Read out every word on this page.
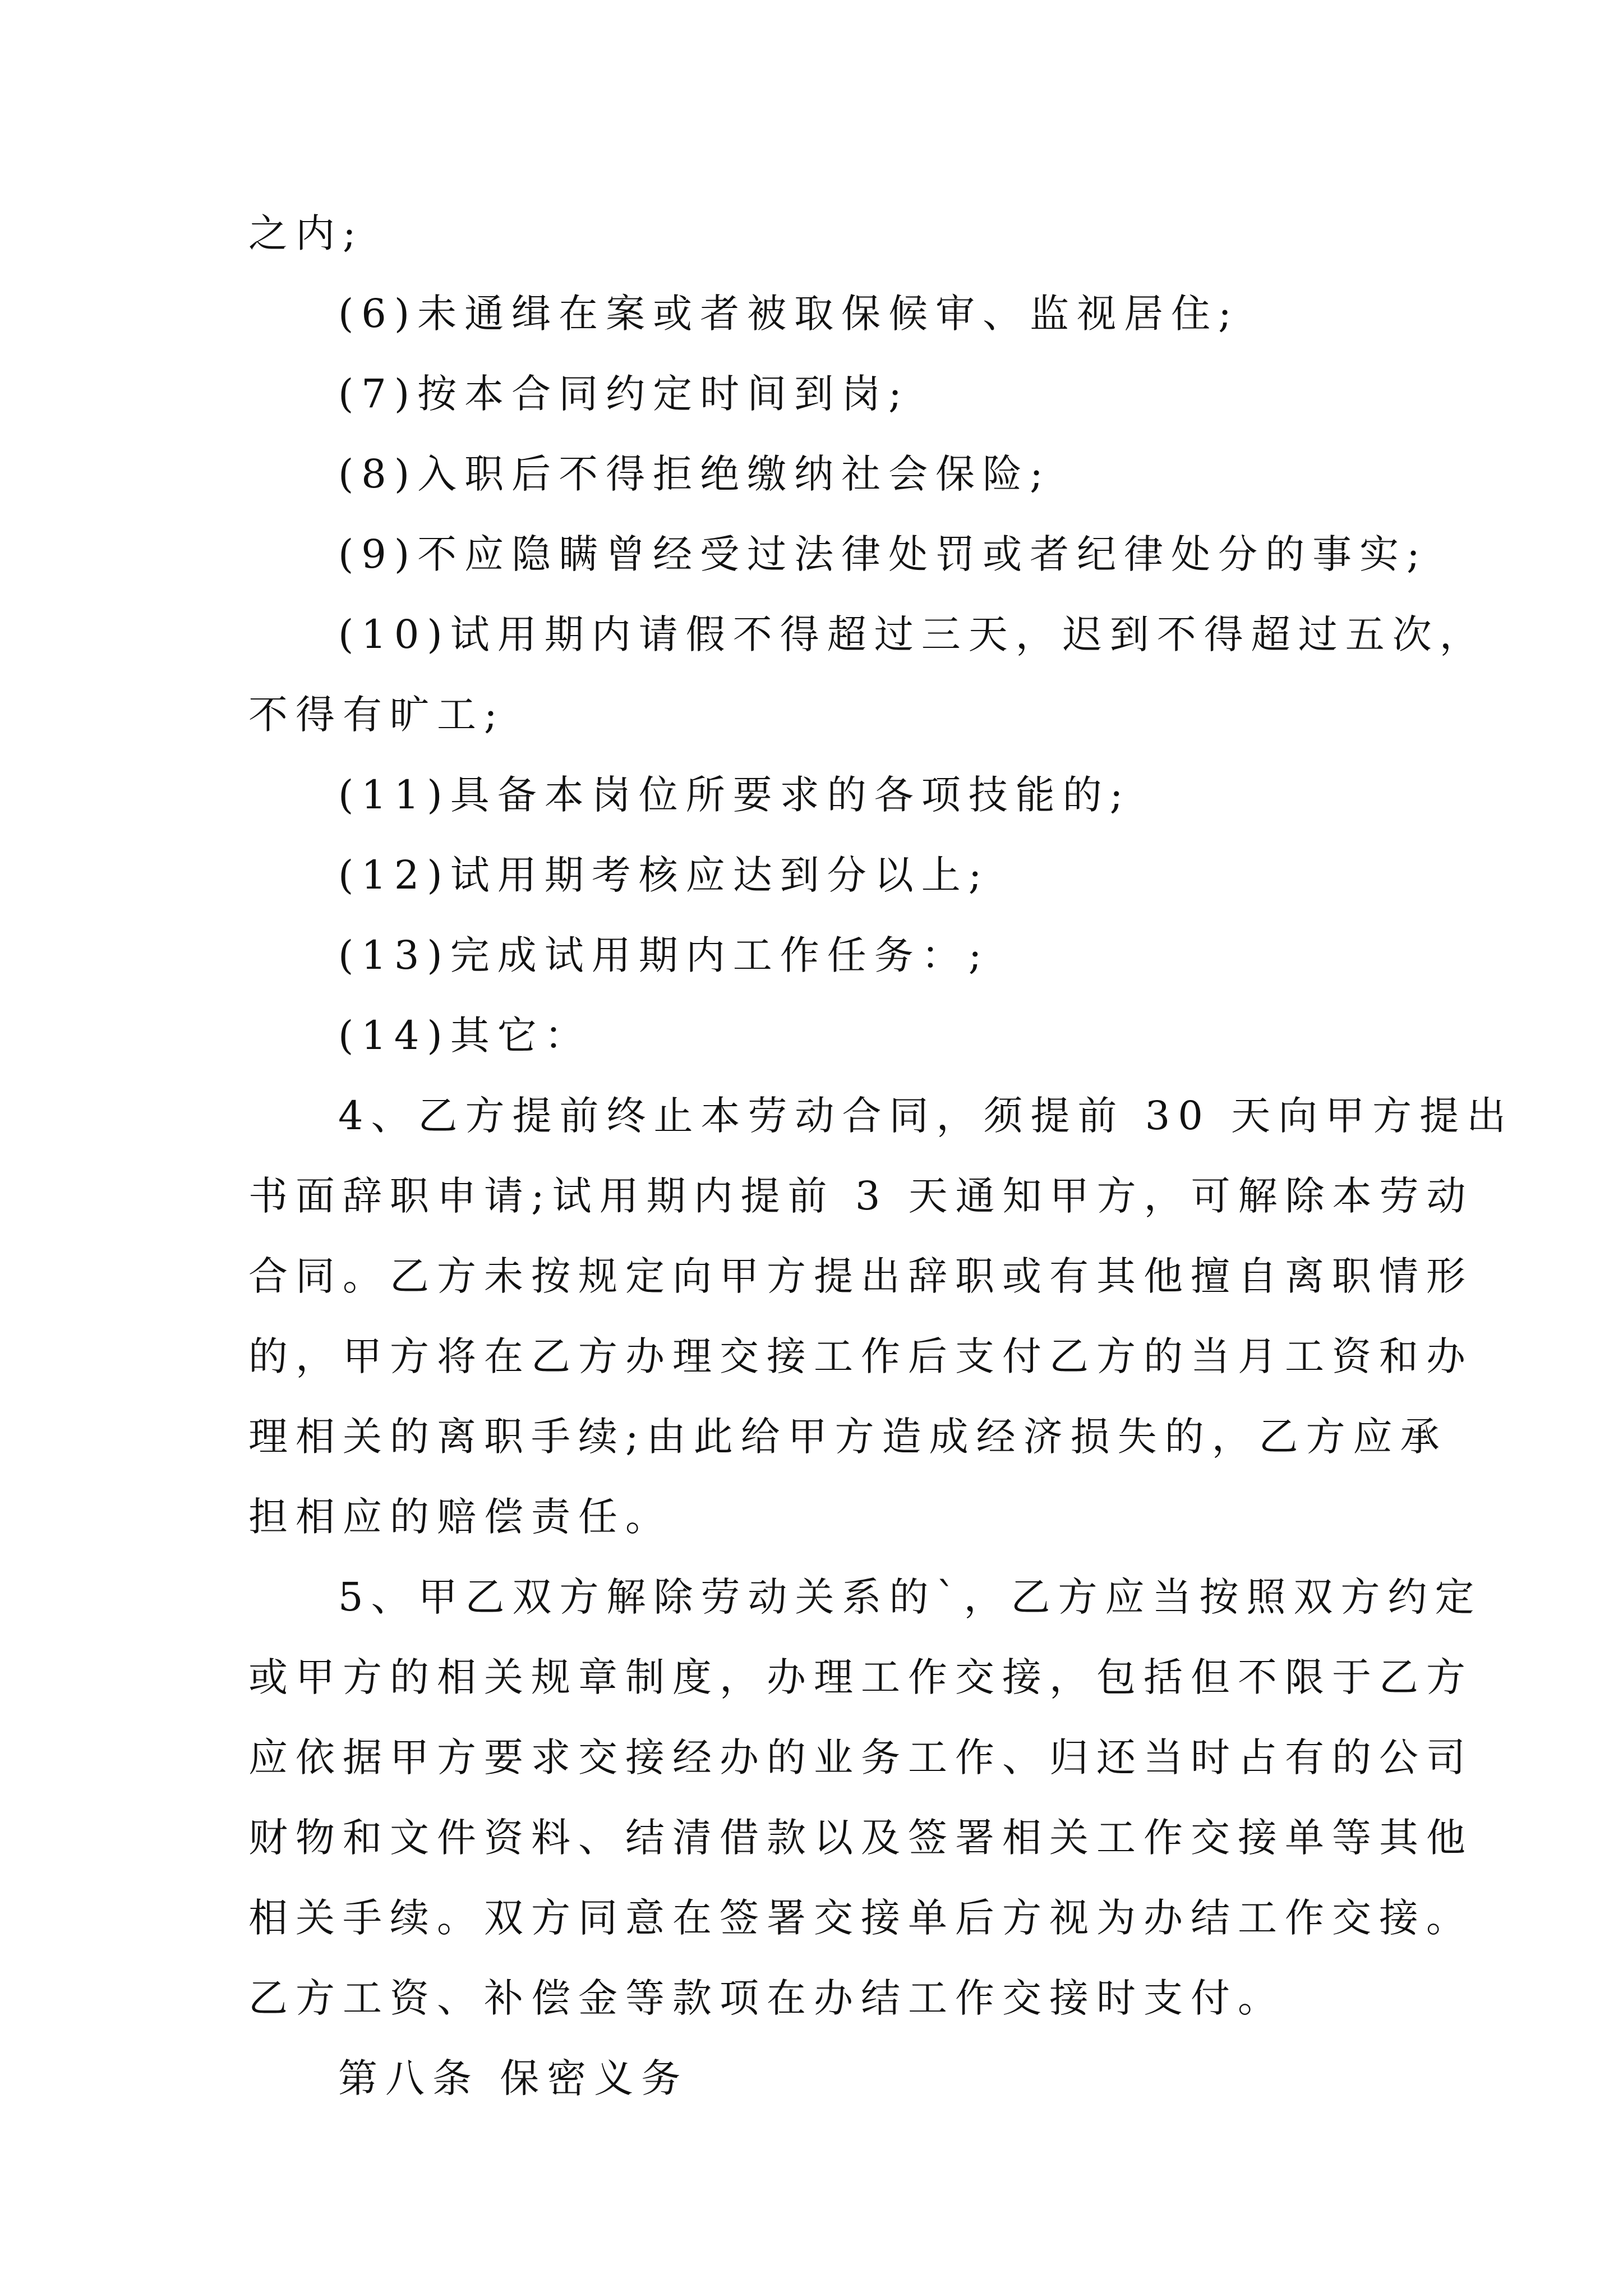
之内;
(6)未通缉在案或者被取保候审、监视居住;
(7)按本合同约定时间到岗;
(8)入职后不得拒绝缴纳社会保险;
(9)不应隐瞒曾经受过法律处罚或者纪律处分的事实;
(10)试用期内请假不得超过三天，迟到不得超过五次，
不得有旷工;
(11)具备本岗位所要求的各项技能的;
(12)试用期考核应达到分以上;
(13)完成试用期内工作任务：;
(14)其它：
4、乙方提前终止本劳动合同，须提前 30 天向甲方提出
书面辞职申请;试用期内提前 3 天通知甲方，可解除本劳动
合同。乙方未按规定向甲方提出辞职或有其他擅自离职情形
的，甲方将在乙方办理交接工作后支付乙方的当月工资和办
理相关的离职手续;由此给甲方造成经济损失的，乙方应承
担相应的赔偿责任。
5、甲乙双方解除劳动关系的`，乙方应当按照双方约定
或甲方的相关规章制度，办理工作交接，包括但不限于乙方
应依据甲方要求交接经办的业务工作、归还当时占有的公司
财物和文件资料、结清借款以及签署相关工作交接单等其他
相关手续。双方同意在签署交接单后方视为办结工作交接。
乙方工资、补偿金等款项在办结工作交接时支付。
第八条 保密义务
